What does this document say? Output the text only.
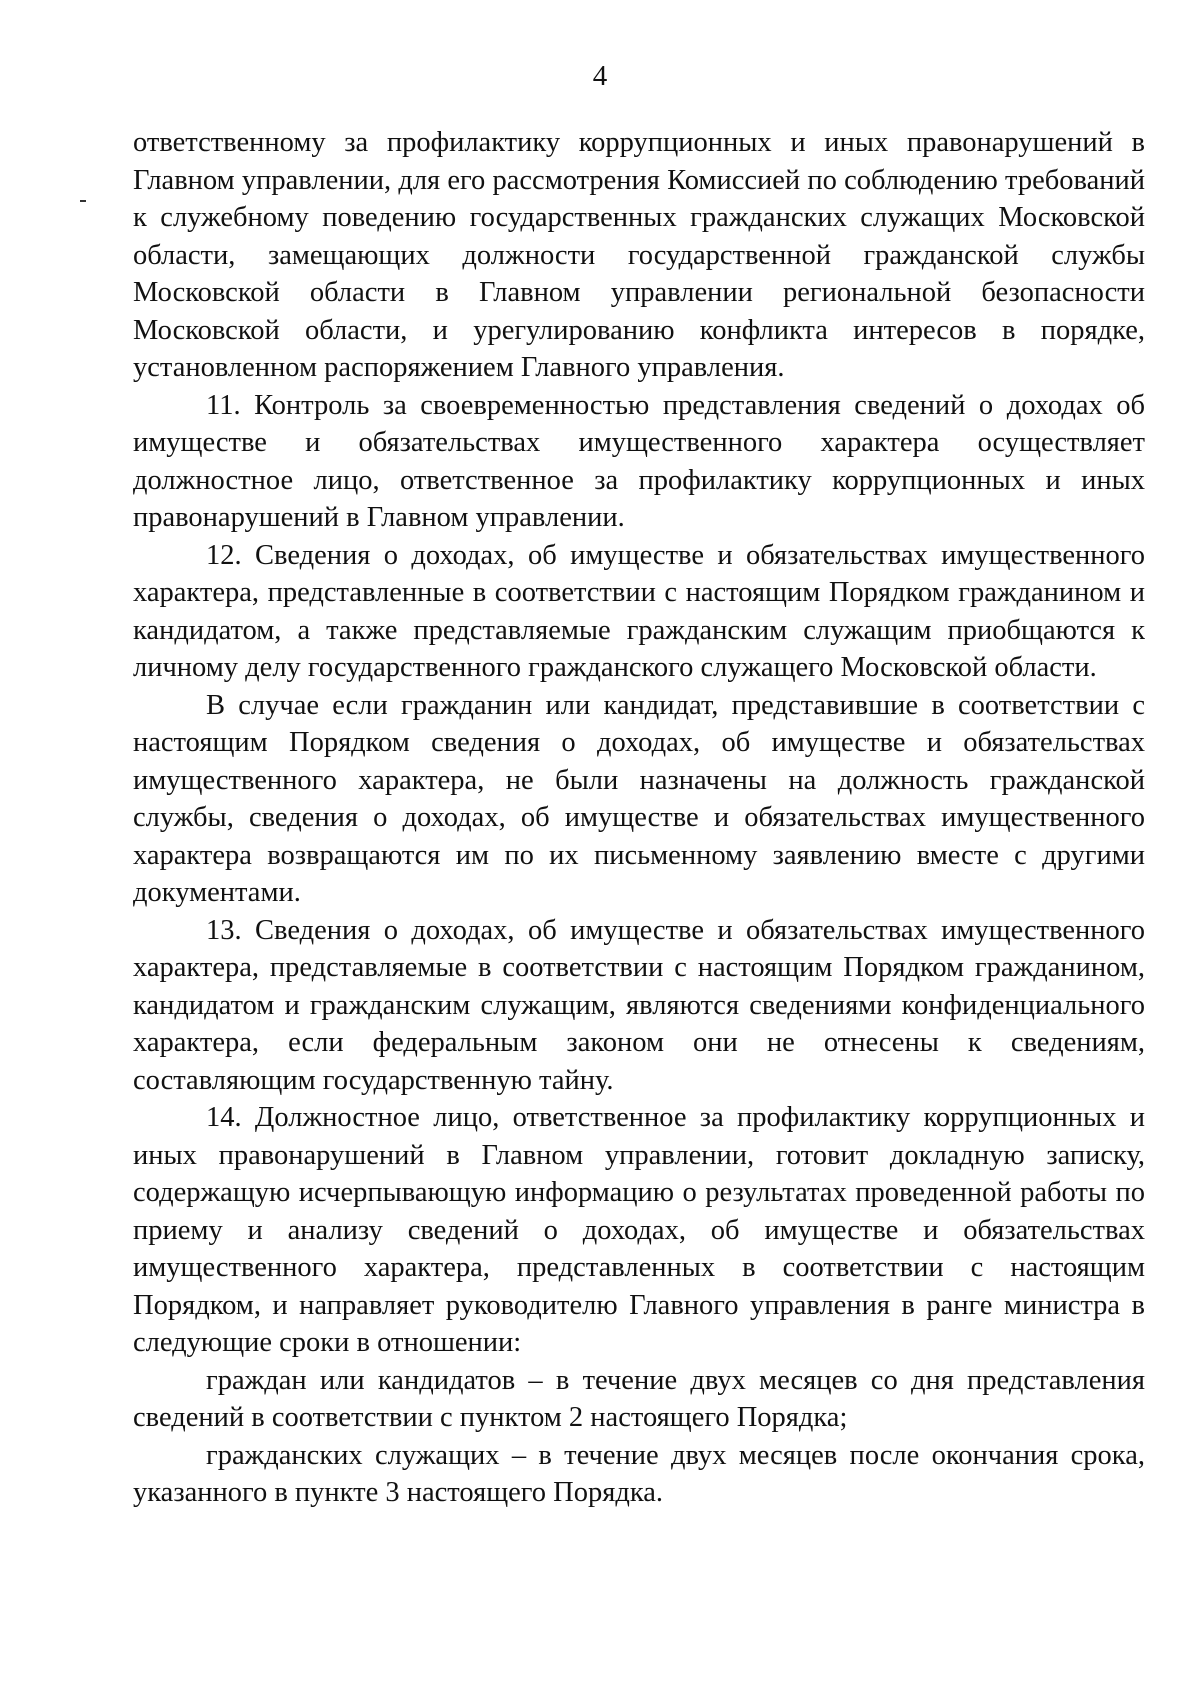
4

ответственному за профилактику коррупционных и иных правонарушений в Главном управлении, для его рассмотрения Комиссией по соблюдению требований к служебному поведению государственных гражданских служащих Московской области, замещающих должности государственной гражданской службы Московской области в Главном управлении региональной безопасности Московской области, и урегулированию конфликта интересов в порядке, установленном распоряжением Главного управления.

11. Контроль за своевременностью представления сведений о доходах об имуществе и обязательствах имущественного характера осуществляет должностное лицо, ответственное за профилактику коррупционных и иных правонарушений в Главном управлении.

12. Сведения о доходах, об имуществе и обязательствах имущественного характера, представленные в соответствии с настоящим Порядком гражданином и кандидатом, а также представляемые гражданским служащим приобщаются к личному делу государственного гражданского служащего Московской области.

В случае если гражданин или кандидат, представившие в соответствии с настоящим Порядком сведения о доходах, об имуществе и обязательствах имущественного характера, не были назначены на должность гражданской службы, сведения о доходах, об имуществе и обязательствах имущественного характера возвращаются им по их письменному заявлению вместе с другими документами.

13. Сведения о доходах, об имуществе и обязательствах имущественного характера, представляемые в соответствии с настоящим Порядком гражданином, кандидатом и гражданским служащим, являются сведениями конфиденциального характера, если федеральным законом они не отнесены к сведениям, составляющим государственную тайну.

14. Должностное лицо, ответственное за профилактику коррупционных и иных правонарушений в Главном управлении, готовит докладную записку, содержащую исчерпывающую информацию о результатах проведенной работы по приему и анализу сведений о доходах, об имуществе и обязательствах имущественного характера, представленных в соответствии с настоящим Порядком, и направляет руководителю Главного управления в ранге министра в следующие сроки в отношении:

граждан или кандидатов – в течение двух месяцев со дня представления сведений в соответствии с пунктом 2 настоящего Порядка;

гражданских служащих – в течение двух месяцев после окончания срока, указанного в пункте 3 настоящего Порядка.
